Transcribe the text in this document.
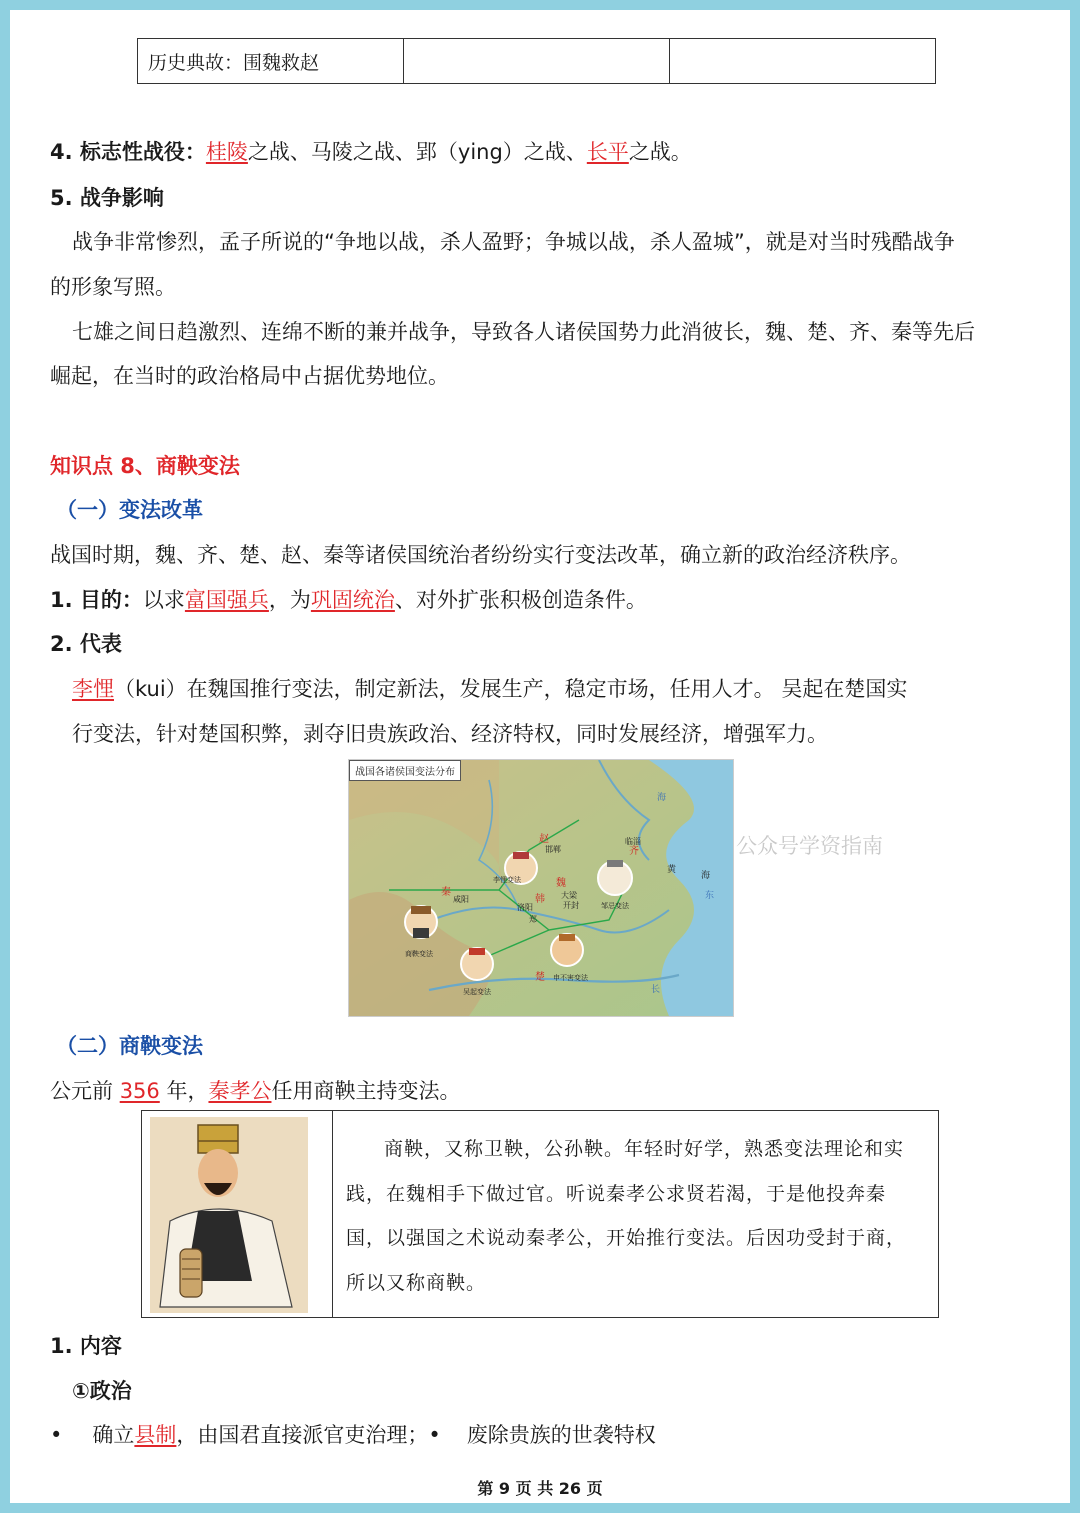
历史典故：围魏救赵		
4. 标志性战役：桂陵之战、马陵之战、郢（ying）之战、长平之战。
5. 战争影响
战争非常惨烈，孟子所说的“争地以战，杀人盈野；争城以战，杀人盈城”，就是对当时残酷战争
的形象写照。
七雄之间日趋激烈、连绵不断的兼并战争，导致各人诸侯国势力此消彼长，魏、楚、齐、秦等先后
崛起，在当时的政治格局中占据优势地位。
知识点 8、商鞅变法
（一）变法改革
战国时期，魏、齐、楚、赵、秦等诸侯国统治者纷纷实行变法改革，确立新的政治经济秩序。
1. 目的：以求富国强兵，为巩固统治、对外扩张积极创造条件。
2. 代表
李悝（kui）在魏国推行变法，制定新法，发展生产，稳定市场，任用人才。 吴起在楚国实
行变法，针对楚国积弊，剥夺旧贵族政治、经济特权，同时发展经济，增强军力。
秦
咸阳
赵
邯郸
魏
大梁
开封
韩
洛阳
郑
齐
临淄
楚
商鞅变法
李悝变法
邹忌变法
吴起变法
申不害变法
黄
海
东
海
长
战国各诸侯国变法分布
公众号学资指南
（二）商鞅变法
公元前 356 年，秦孝公任用商鞅主持变法。
商鞅，又称卫鞅，公孙鞅。年轻时好学，熟悉变法理论和实践，在魏相手下做过官。听说秦孝公求贤若渴，于是他投奔秦国，以强国之术说动秦孝公，开始推行变法。后因功受封于商，所以又称商鞅。
1. 内容
①政治
• 确立县制，由国君直接派官吏治理；• 废除贵族的世袭特权
第 9 页 共 26 页
